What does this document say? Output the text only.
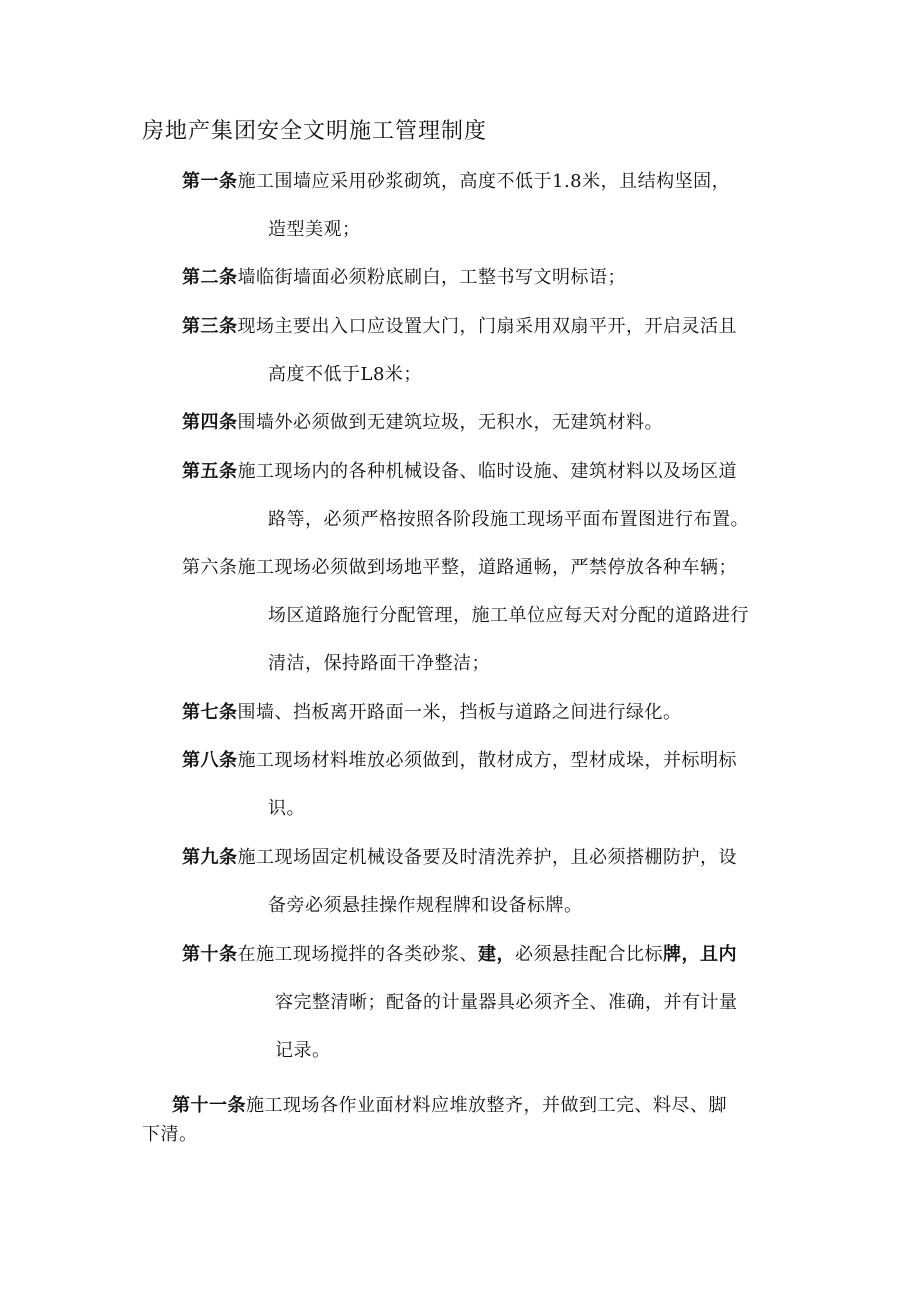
房地产集团安全文明施工管理制度
第一条施工围墙应采用砂浆砌筑，高度不低于1.8米，且结构坚固，
造型美观；
第二条墙临街墙面必须粉底刷白，工整书写文明标语；
第三条现场主要出入口应设置大门，门扇采用双扇平开，开启灵活且
高度不低于L8米；
第四条围墙外必须做到无建筑垃圾，无积水，无建筑材料。
第五条施工现场内的各种机械设备、临时设施、建筑材料以及场区道
路等，必须严格按照各阶段施工现场平面布置图进行布置。
第六条施工现场必须做到场地平整，道路通畅，严禁停放各种车辆；
场区道路施行分配管理，施工单位应每天对分配的道路进行
清洁，保持路面干净整洁；
第七条围墙、挡板离开路面一米，挡板与道路之间进行绿化。
第八条施工现场材料堆放必须做到，散材成方，型材成垛，并标明标
识。
第九条施工现场固定机械设备要及时清洗养护，且必须搭棚防护，设
备旁必须悬挂操作规程牌和设备标牌。
第十条在施工现场搅拌的各类砂浆、建，必须悬挂配合比标牌，且内
容完整清晰；配备的计量器具必须齐全、准确，并有计量
记录。
第十一条施工现场各作业面材料应堆放整齐，并做到工完、料尽、脚
下清。
